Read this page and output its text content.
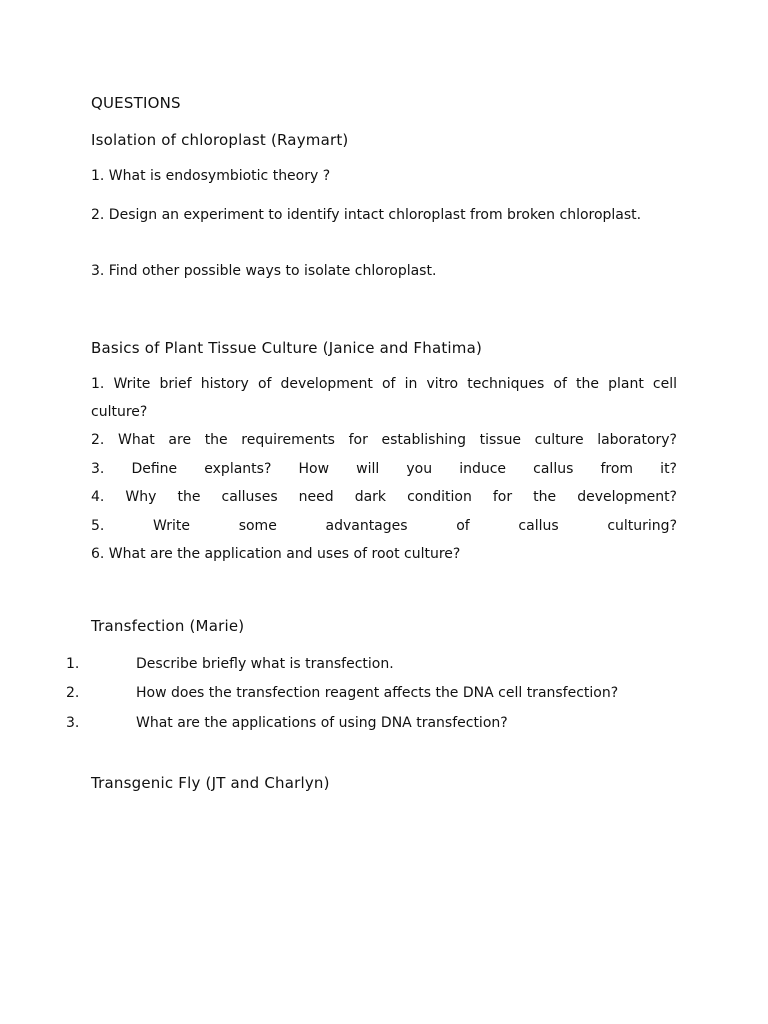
QUESTIONS
Isolation of chloroplast (Raymart)
1. What is endosymbiotic theory ?
2. Design an experiment to identify intact chloroplast from broken chloroplast.
3. Find other possible ways to isolate chloroplast.
Basics of Plant Tissue Culture (Janice and Fhatima)
1. Write brief history of development of in vitro techniques of the plant cell
culture?
2. What are the requirements for establishing tissue culture laboratory?
3. Define explants? How will you induce callus from it?
4. Why the calluses need dark condition for the development?
5. Write some advantages of callus culturing?
6. What are the application and uses of root culture?
Transfection (Marie)
1.	Describe briefly what is transfection.
2.	How does the transfection reagent affects the DNA cell transfection?
3.	What are the applications of using DNA transfection?
Transgenic Fly (JT and Charlyn)
